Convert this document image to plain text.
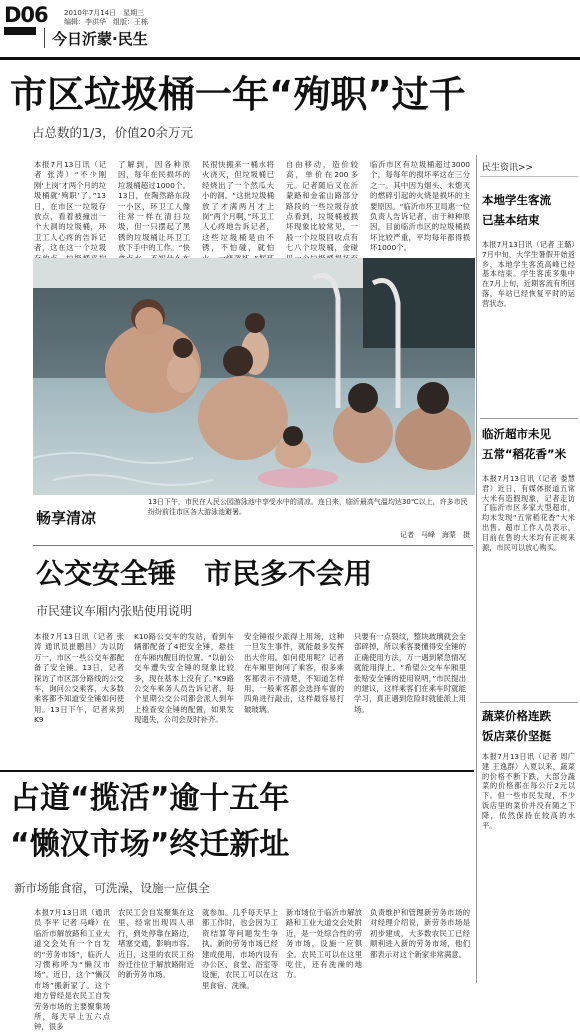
D06 2010年7月14日　星期三
编辑：李洪华　组版：王栋
今日沂蒙·民生
市区垃圾桶一年“殉职”过千
占总数的1/3，价值20余万元
本报7月13日讯（记者 张涛）“不少刚刚‘上岗’才两个月的垃圾桶就‘殉职’了。”13日，在市区一垃圾存放点，看着被撞出一个大洞的垃圾桶，环卫工人心疼的告诉记者，这在这一个垃圾
了解到，因各种原因，每年在民损坏的垃圾桶超过1000个。13日，在陶然路东段一小区，环卫工人像往常一样在清扫垃圾，但一只摆起了黑锈的垃圾桶让环卫工放下手中的工作。“快
民很快搬来一桶水将火浇灭，但垃圾桶已经烧出了一个然瓜大小的洞。“这批垃圾桶放了才满两月才上岗”两个月啊，”环卫工人心疼地告诉记者，这些垃圾桶是由不锈，不怕碰，就怕
自由移动，造价较高，单价在200多元。记者随后又在沂蒙路和金雀山路部分路段的一些垃圾存放点看到，垃圾桶被损坏现象比较常见，一般一个垃圾回收点有七八个垃圾桶，金碰
临沂市区有垃圾桶超过3000个，每每年的损坏率这在三分之一。其中因为烟头、未熄灭的燃碎引起的火烧是损坏的主要原因。“临沂市环卫局惠一位负责人告诉记者，由于种种原因，目前临沂市区的垃圾桶损坏比较严重，平均每年都得损坏1000个。
13日下午，市民在人民公园游泳池中享受水中的清凉。连日来，临沂最高气温均达30℃以上，许多市民纷纷前往市区各大游泳池避暑。
记者　马峰　海蒙　摄
畅享清凉
公交安全锤　市民多不会用
市民建议车厢内张贴使用说明
本报7月13日讯（记者 张涛 通讯员崔鹏昌）为以防万一，市区一些公交车都配备了安全锤。13日，记者探访了市区部分路线的公交车，询问公交乘客，大多数乘客都不知道安全锤如何使用。13日下午，记者来到K9
K10路公交车的发站，看到车辆都配备了4把安全锤，悬挂在车厢内醒目的位置。“以前公交车遭失安全锤的现象比较多，现在基本上没有了。”K9路公交车乘务人员告诉记者，每个星期公交公司都会派人到车上检查安全锤的配置，如果发现遗失，公司会及时补齐。
安全锤很少派得上用场，这种一旦发生事件，就能最多发挥出大作用。如何使用呢？记者在车厢里询问了乘客，很多乘客都表示不清楚，不知道怎样用，一般乘客都会选择车窗的四角进行敲击，这样最容易打破玻璃。
只要有一点裂纹，整块玻璃就会全部碎掉，所以乘客要懂得安全锤的正确使用方法，万一遇到紧急情况就能用得上。“希望公交车车厢里张贴安全锤的使用说明，”市民提出的建议，这样乘客们在乘车时就能学习，真正遇到危险时就能派上用场。
占道“揽活”逾十五年
“懒汉市场”终迁新址
新市场能食宿，可洗澡，设施一应俱全
本报7月13日讯（通讯员 李平 记者 马峰）在临沂市解放路和工业大道交会处有一个自发的“劳务市场”，临沂人习惯称呼为“懒汉市场”。近日，这个“懒汉市场”搬新家了。这个地方曾经是农民工自发劳务市场的主要聚集场所，每天早上五六点钟，很多
农民工会自发聚集在这里，经常出现四人串行，到处停靠在路边，堵塞交通，影响市容。近日，这里的农民工纷纷迁往位于解放路附近的新劳务市场。
就参加。几乎每天早上都工作时，也会因为工资结算等问题发生争执。新的劳务市场已经建成使用，市场内设有办公区、食堂、浴室等设施，农民工可以在这里食宿、洗澡。
新市场位于临沂市解放路和工业大道交会处附近，是一处综合性的劳务市场，设施一应俱全。农民工可以在这里吃住，还有洗澡的地方。
负责维护和管理新劳务市场的对经理介绍说，新劳务市场是初步建成，大多数农民工已经顺利进入新的劳务市场，他们都表示对这个新家非常满意。
民生资讯>>
本地学生客流
已基本结束
本报7月13日讯（记者 王璐）7月中旬，大学生暑假开始返乡，本地学生客流高峰已经基本结束。学生客流多集中在7月上旬，近期客流有所回落，车站已经恢复平时的运营状态。
临沂超市未见
五常“稻花香”米
本报7月13日讯（记者 娄慧君）近日，有媒体报道五常大米有造假现象，记者走访了临沂市区多家大型超市，均未发现“五常稻花香”大米出售。超市工作人员表示，目前在售的大米均有正规来源，市民可以放心购买。
蔬菜价格连跌
饭店菜价坚挺
本报7月13日讯（记者 周广建 王逸群）入夏以来，蔬菜的价格不断下跌，大部分蔬菜的价格都在每公斤2元以下。但一些市民发现，不少饭店里的菜价并没有随之下降，依然保持在较高的水平。
